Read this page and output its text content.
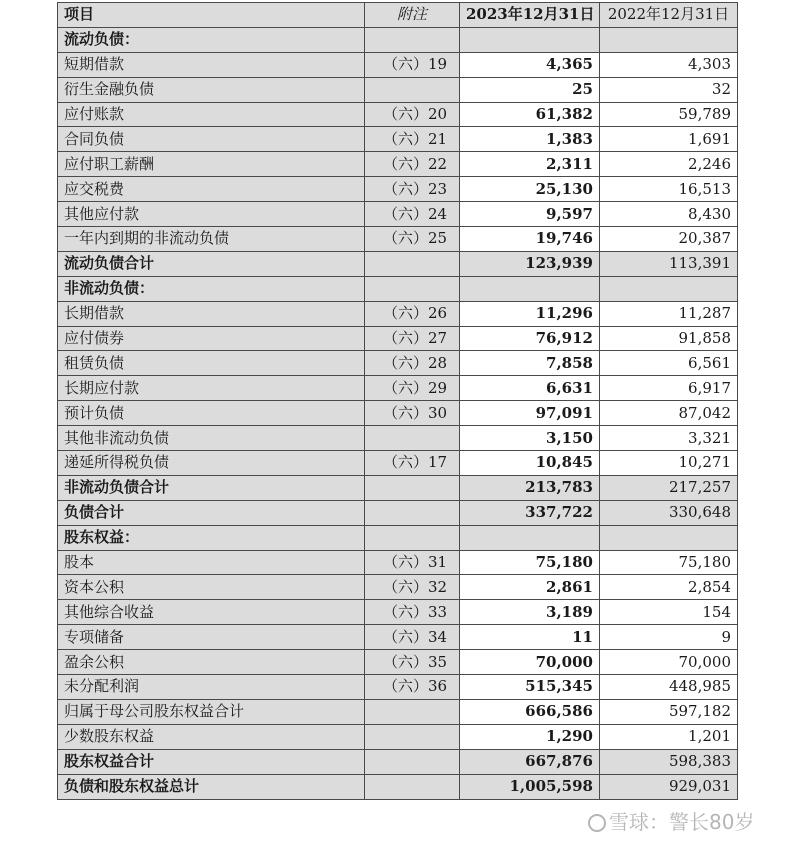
项目	附注	2023年12月31日	2022年12月31日
流动负债：			
短期借款	（六）19	4,365	4,303
衍生金融负债		25	32
应付账款	（六）20	61,382	59,789
合同负债	（六）21	1,383	1,691
应付职工薪酬	（六）22	2,311	2,246
应交税费	（六）23	25,130	16,513
其他应付款	（六）24	9,597	8,430
一年内到期的非流动负债	（六）25	19,746	20,387
流动负债合计		123,939	113,391
非流动负债：			
长期借款	（六）26	11,296	11,287
应付债券	（六）27	76,912	91,858
租赁负债	（六）28	7,858	6,561
长期应付款	（六）29	6,631	6,917
预计负债	（六）30	97,091	87,042
其他非流动负债		3,150	3,321
递延所得税负债	（六）17	10,845	10,271
非流动负债合计		213,783	217,257
负债合计		337,722	330,648
股东权益：			
股本	（六）31	75,180	75,180
资本公积	（六）32	2,861	2,854
其他综合收益	（六）33	3,189	154
专项储备	（六）34	11	9
盈余公积	（六）35	70,000	70,000
未分配利润	（六）36	515,345	448,985
归属于母公司股东权益合计		666,586	597,182
少数股东权益		1,290	1,201
股东权益合计		667,876	598,383
负债和股东权益总计		1,005,598	929,031
雪球：警长80岁
